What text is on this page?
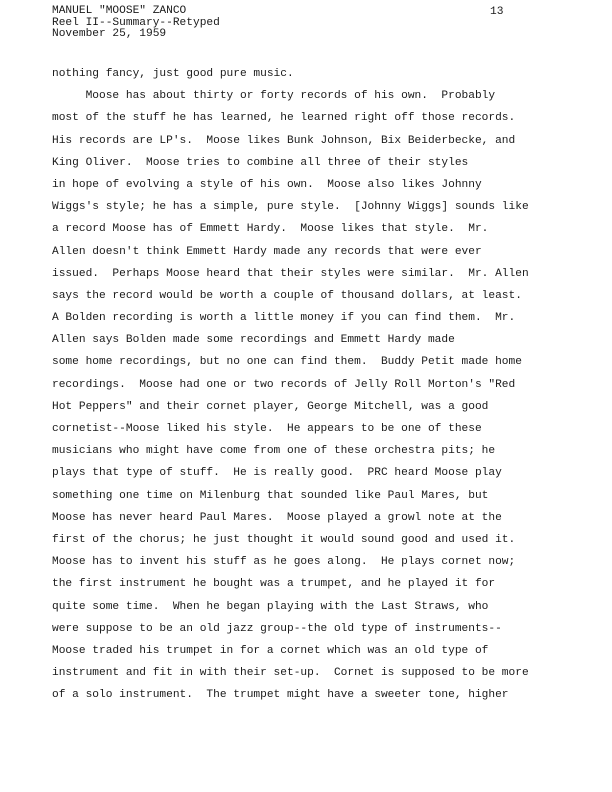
MANUEL "MOOSE" ZANCO
Reel II--Summary--Retyped
November 25, 1959
13
nothing fancy, just good pure music.
Moose has about thirty or forty records of his own.  Probably
most of the stuff he has learned, he learned right off those records.
His records are LP's.  Moose likes Bunk Johnson, Bix Beiderbecke, and
King Oliver.  Moose tries to combine all three of their styles
in hope of evolving a style of his own.  Moose also likes Johnny
Wiggs's style; he has a simple, pure style.  [Johnny Wiggs] sounds like
a record Moose has of Emmett Hardy.  Moose likes that style.  Mr.
Allen doesn't think Emmett Hardy made any records that were ever
issued.  Perhaps Moose heard that their styles were similar.  Mr. Allen
says the record would be worth a couple of thousand dollars, at least.
A Bolden recording is worth a little money if you can find them.  Mr.
Allen says Bolden made some recordings and Emmett Hardy made
some home recordings, but no one can find them.  Buddy Petit made home
recordings.  Moose had one or two records of Jelly Roll Morton's "Red
Hot Peppers" and their cornet player, George Mitchell, was a good
cornetist--Moose liked his style.  He appears to be one of these
musicians who might have come from one of these orchestra pits; he
plays that type of stuff.  He is really good.  PRC heard Moose play
something one time on Milenburg that sounded like Paul Mares, but
Moose has never heard Paul Mares.  Moose played a growl note at the
first of the chorus; he just thought it would sound good and used it.
Moose has to invent his stuff as he goes along.  He plays cornet now;
the first instrument he bought was a trumpet, and he played it for
quite some time.  When he began playing with the Last Straws, who
were suppose to be an old jazz group--the old type of instruments--
Moose traded his trumpet in for a cornet which was an old type of
instrument and fit in with their set-up.  Cornet is supposed to be more
of a solo instrument.  The trumpet might have a sweeter tone, higher
